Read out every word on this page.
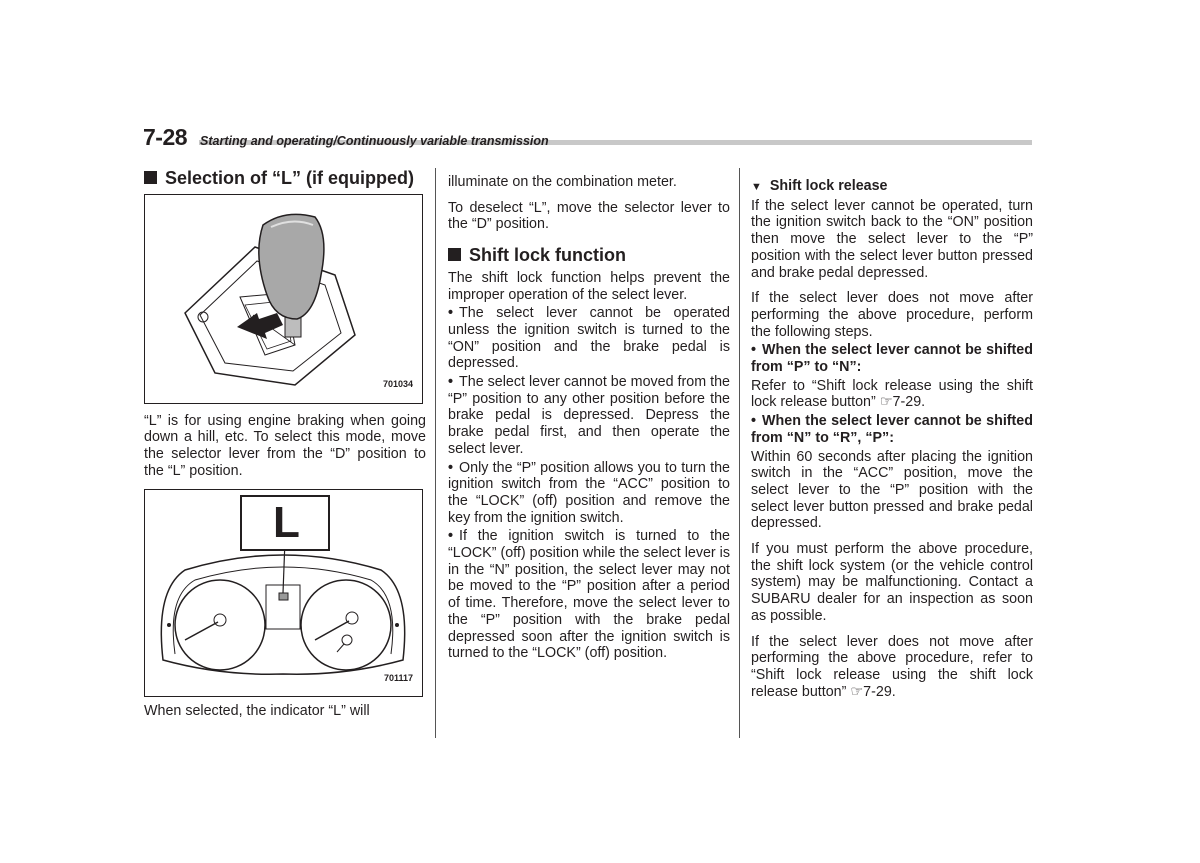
7-28 Starting and operating/Continuously variable transmission
Selection of “L” (if equipped)
701034

“L” is for using engine braking when going down a hill, etc. To select this mode, move the selector lever from the “D” position to the “L” position.

L
701117

When selected, the indicator “L” will

illuminate on the combination meter.

To deselect “L”, move the selector lever to the “D” position.

Shift lock function

The shift lock function helps prevent the improper operation of the select lever.

• The select lever cannot be operated unless the ignition switch is turned to the “ON” position and the brake pedal is depressed.

• The select lever cannot be moved from the “P” position to any other position before the brake pedal is depressed. Depress the brake pedal first, and then operate the select lever.

• Only the “P” position allows you to turn the ignition switch from the “ACC” position to the “LOCK” (off) position and remove the key from the ignition switch.

• If the ignition switch is turned to the “LOCK” (off) position while the select lever is in the “N” position, the select lever may not be moved to the “P” position after a period of time. Therefore, move the select lever to the “P” position with the brake pedal depressed soon after the ignition switch is turned to the “LOCK” (off) position.

▼ Shift lock release

If the select lever cannot be operated, turn the ignition switch back to the “ON” position then move the select lever to the “P” position with the select lever button pressed and brake pedal depressed.

If the select lever does not move after performing the above procedure, perform the following steps.

• When the select lever cannot be shifted from “P” to “N”:

Refer to “Shift lock release using the shift lock release button” ☞7-29.

• When the select lever cannot be shifted from “N” to “R”, “P”:

Within 60 seconds after placing the ignition switch in the “ACC” position, move the select lever to the “P” position with the select lever button pressed and brake pedal depressed.

If you must perform the above procedure, the shift lock system (or the vehicle control system) may be malfunctioning. Contact a SUBARU dealer for an inspection as soon as possible.

If the select lever does not move after performing the above procedure, refer to “Shift lock release using the shift lock release button” ☞7-29.
